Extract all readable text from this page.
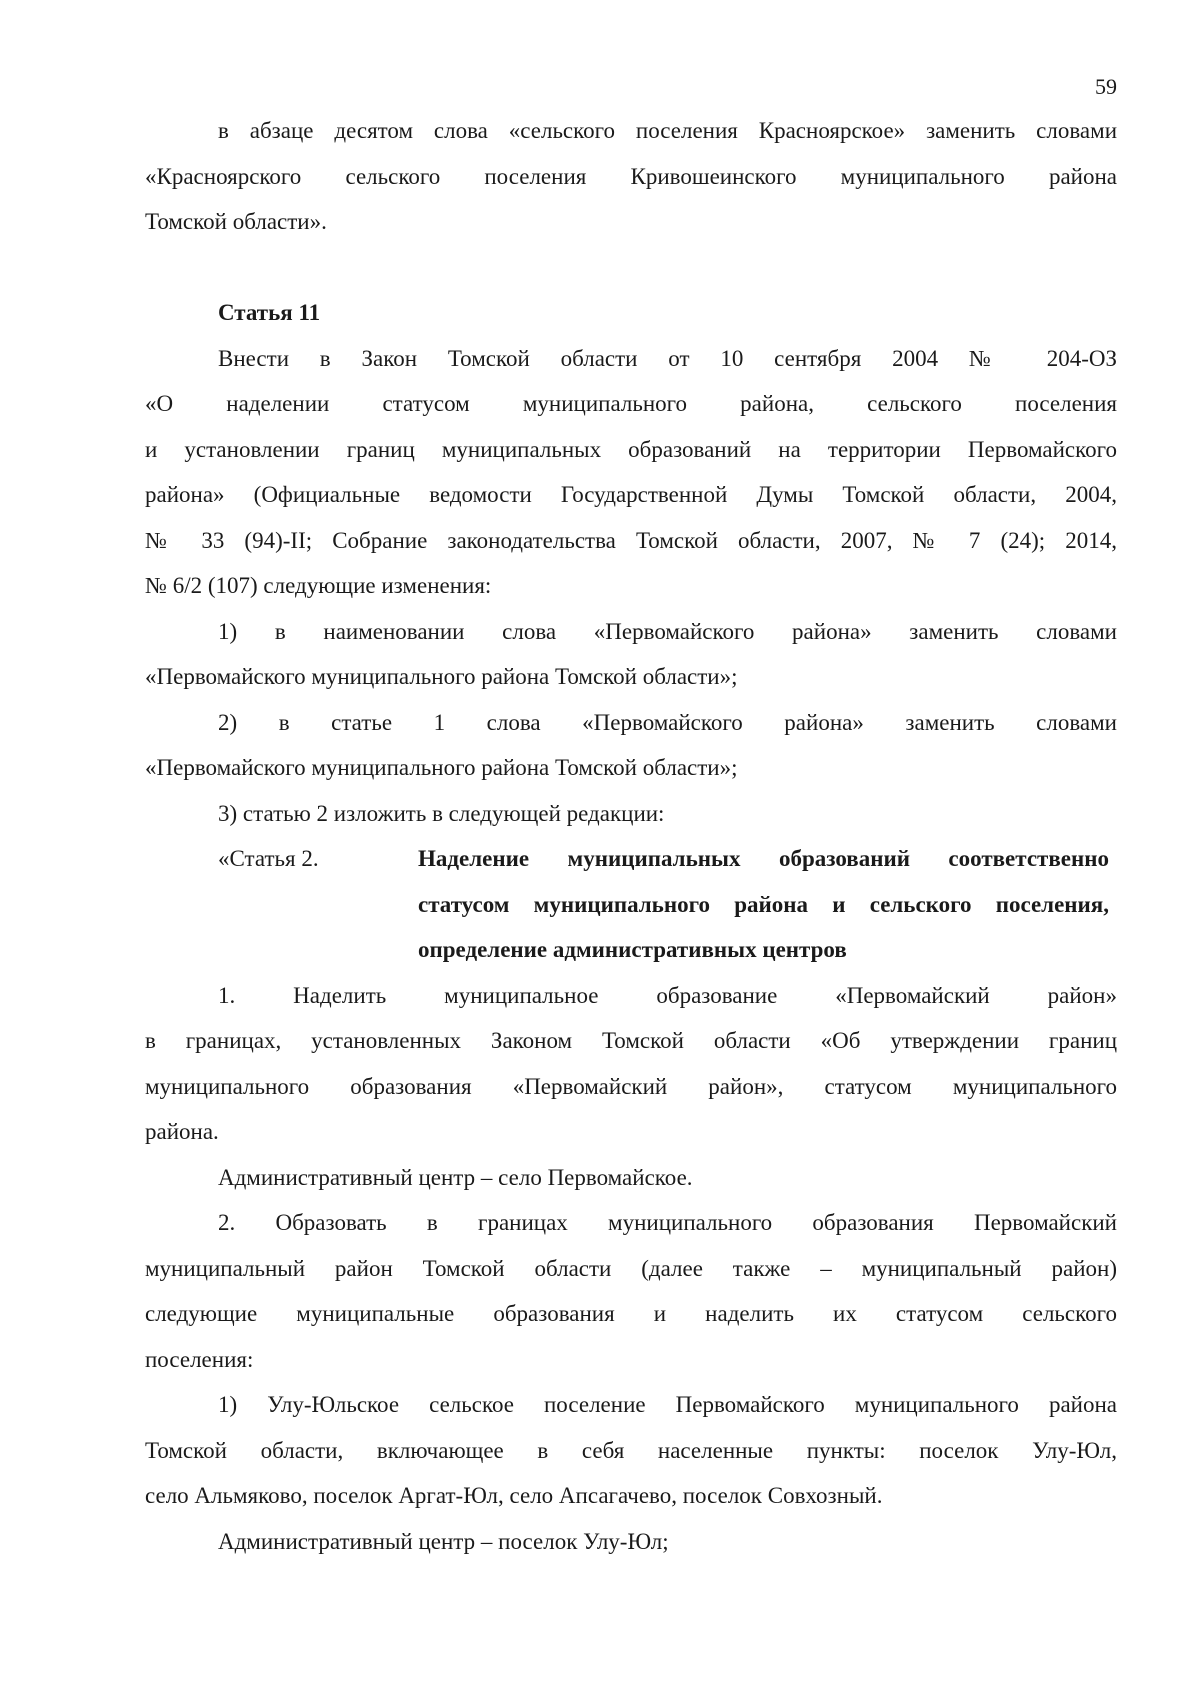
59

в абзаце десятом слова «сельского поселения Красноярское» заменить словами

«Красноярского сельского поселения Кривошеинского муниципального района

Томской области».

Статья 11

Внести в Закон Томской области от 10 сентября 2004 № 204-ОЗ

«О наделении статусом муниципального района, сельского поселения

и установлении границ муниципальных образований на территории Первомайского

района» (Официальные ведомости Государственной Думы Томской области, 2004,

№ 33 (94)-II; Собрание законодательства Томской области, 2007, № 7 (24); 2014,

№ 6/2 (107) следующие изменения:

1) в наименовании слова «Первомайского района» заменить словами

«Первомайского муниципального района Томской области»;

2) в статье 1 слова «Первомайского района» заменить словами

«Первомайского муниципального района Томской области»;

3) статью 2 изложить в следующей редакции:

«Статья 2.	Наделение муниципальных образований соответственно

статусом муниципального района и сельского поселения,

определение административных центров

1. Наделить муниципальное образование «Первомайский район»

в границах, установленных Законом Томской области «Об утверждении границ

муниципального образования «Первомайский район», статусом муниципального

района.

Административный центр – село Первомайское.

2. Образовать в границах муниципального образования Первомайский

муниципальный район Томской области (далее также – муниципальный район)

следующие муниципальные образования и наделить их статусом сельского

поселения:

1) Улу-Юльское сельское поселение Первомайского муниципального района

Томской области, включающее в себя населенные пункты: поселок Улу-Юл,

село Альмяково, поселок Аргат-Юл, село Апсагачево, поселок Совхозный.

Административный центр – поселок Улу-Юл;
